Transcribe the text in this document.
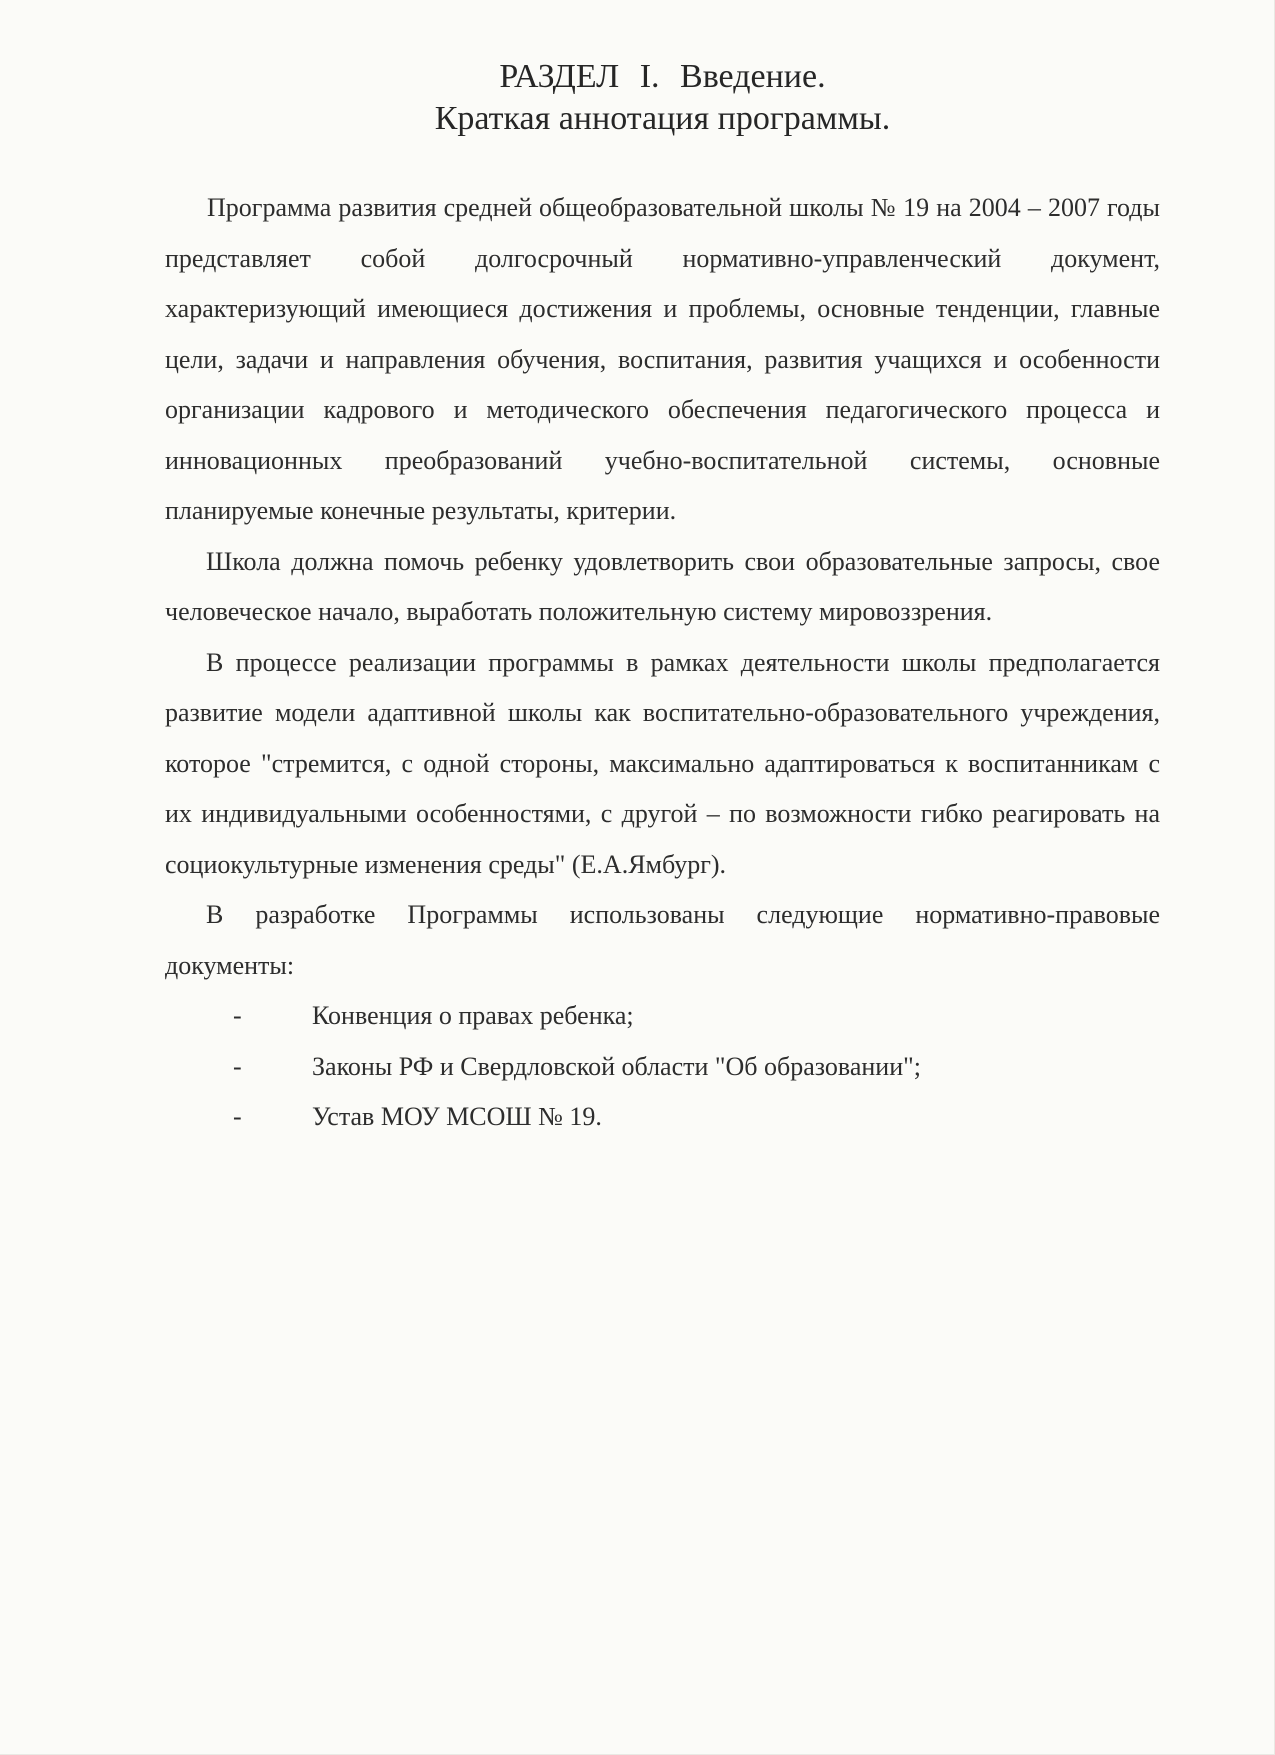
РАЗДЕЛ I. Введение.
Краткая аннотация программы.

Программа развития средней общеобразовательной школы № 19 на 2004 – 2007 годы представляет собой долгосрочный нормативно-управленческий документ, характеризующий имеющиеся достижения и проблемы, основные тенденции, главные цели, задачи и направления обучения, воспитания, развития учащихся и особенности организации кадрового и методического обеспечения педагогического процесса и инновационных преобразований учебно-воспитательной системы, основные планируемые конечные результаты, критерии.

Школа должна помочь ребенку удовлетворить свои образовательные запросы, свое человеческое начало, выработать положительную систему мировоззрения.

В процессе реализации программы в рамках деятельности школы предполагается развитие модели адаптивной школы как воспитательно-образовательного учреждения, которое "стремится, с одной стороны, максимально адаптироваться к воспитанникам с их индивидуальными особенностями, с другой – по возможности гибко реагировать на социокультурные изменения среды" (Е.А.Ямбург).

В разработке Программы использованы следующие нормативно-правовые документы:

-	Конвенция о правах ребенка;
-	Законы РФ и Свердловской области "Об образовании";
-	Устав МОУ МСОШ № 19.
